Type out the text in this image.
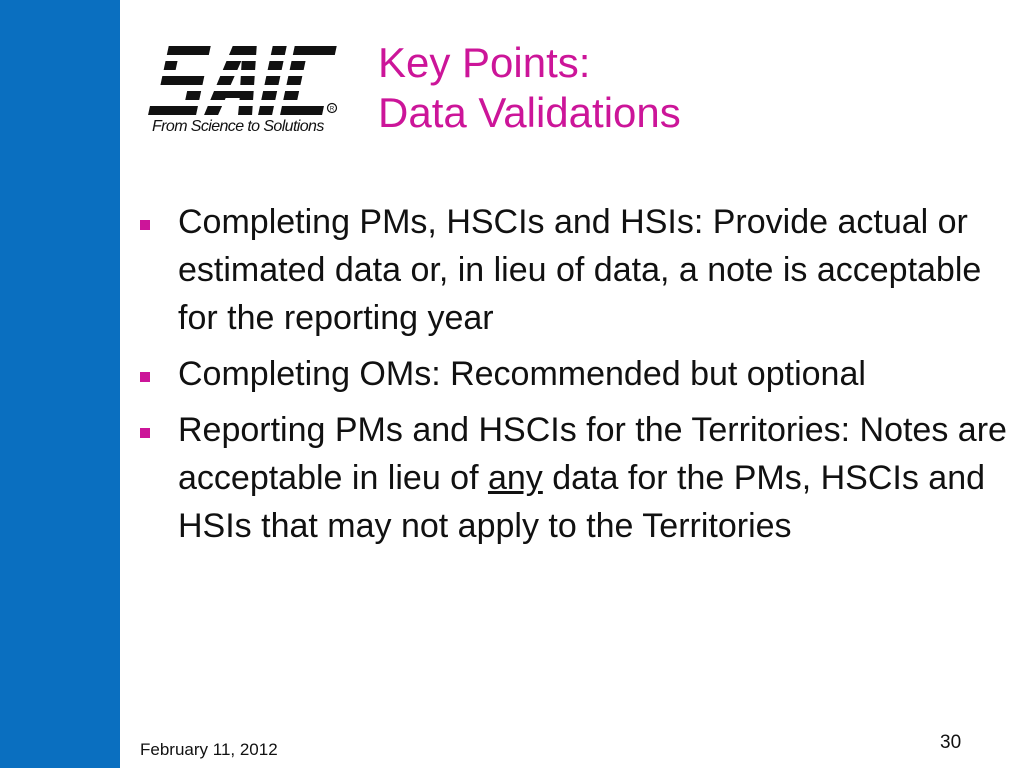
R
From Science to Solutions
Key Points:
Data Validations
Completing PMs, HSCIs and HSIs: Provide actual or estimated data or, in lieu of data, a note is acceptable for the reporting year
Completing OMs: Recommended but optional
Reporting PMs and HSCIs for the Territories: Notes are acceptable in lieu of any data for the PMs, HSCIs and HSIs that may not apply to the Territories
February 11, 2012	30
